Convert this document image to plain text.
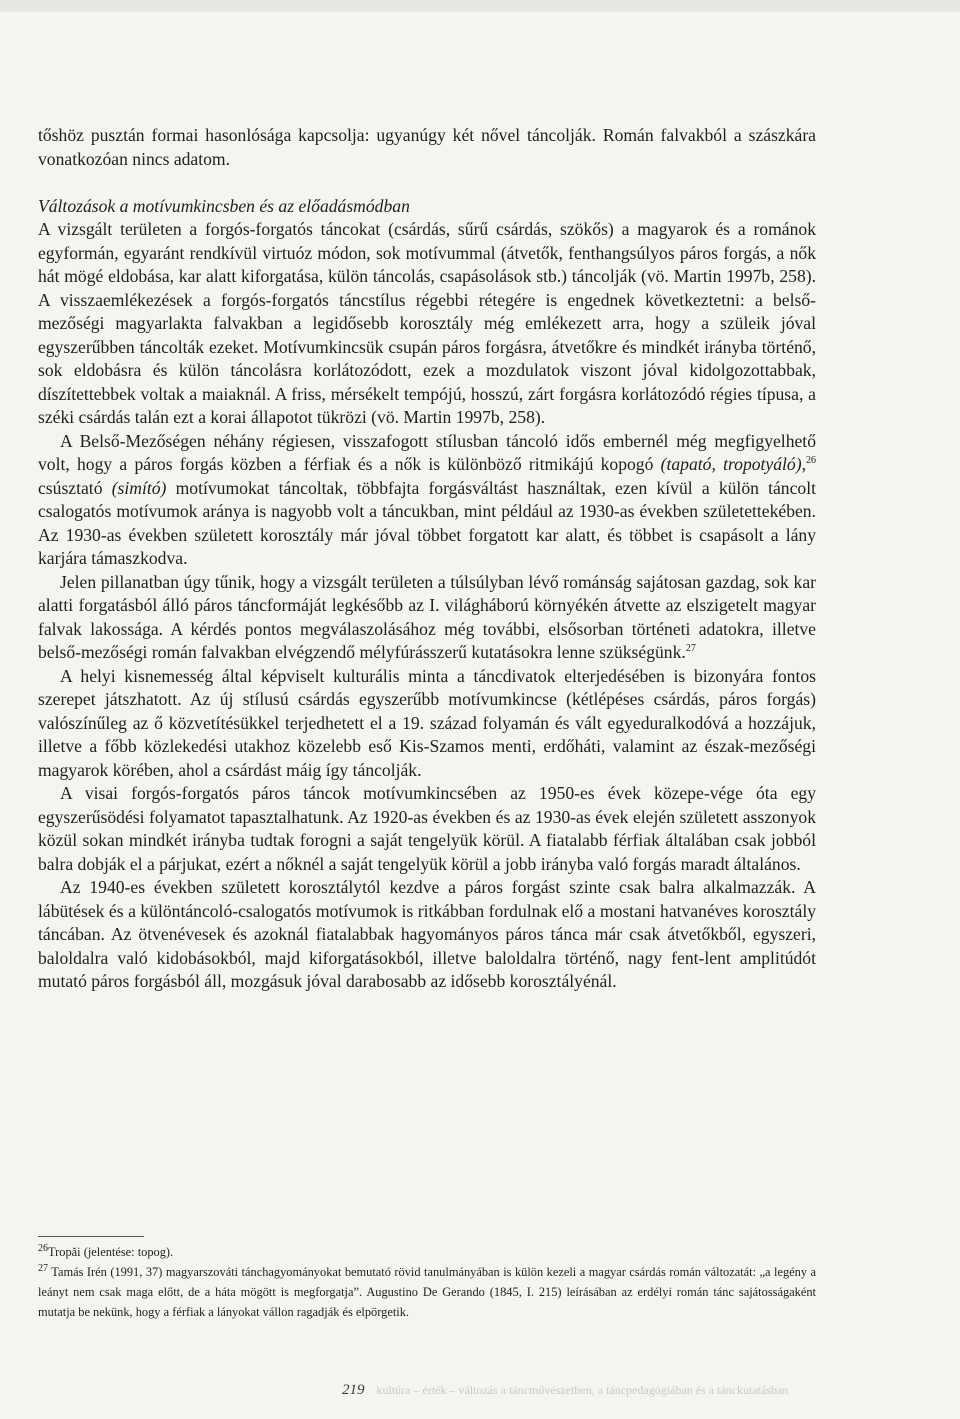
tőshöz pusztán formai hasonlósága kapcsolja: ugyanúgy két nővel táncolják. Román falvakból a szászkára vonatkozóan nincs adatom.

Változások a motívumkincsben és az előadásmódban

A vizsgált területen a forgós-forgatós táncokat (csárdás, sűrű csárdás, szökős) a magyarok és a románok egyformán, egyaránt rendkívül virtuóz módon, sok motívummal (átvetők, fenthangsúlyos páros forgás, a nők hát mögé eldobása, kar alatt kiforgatása, külön táncolás, csapásolások stb.) táncolják (vö. Martin 1997b, 258). A visszaemlékezések a forgós-forgatós táncstílus régebbi rétegére is engednek következtetni: a belső-mezőségi magyarlakta falvakban a legidősebb korosztály még emlékezett arra, hogy a szüleik jóval egyszerűbben táncolták ezeket. Motívumkincsük csupán páros forgásra, átvetőkre és mindkét irányba történő, sok eldobásra és külön táncolásra korlátozódott, ezek a mozdulatok viszont jóval kidolgozottabbak, díszítettebbek voltak a maiaknál. A friss, mérsékelt tempójú, hosszú, zárt forgásra korlátozódó régies típusa, a széki csárdás talán ezt a korai állapotot tükrözi (vö. Martin 1997b, 258).

A Belső-Mezőségen néhány régiesen, visszafogott stílusban táncoló idős embernél még megfigyelhető volt, hogy a páros forgás közben a férfiak és a nők is különböző ritmikájú kopogó (tapató, tropotyáló),$^{26}$ csúsztató (simító) motívumokat táncoltak, többfajta forgásváltást használtak, ezen kívül a külön táncolt csalogatós motívumok aránya is nagyobb volt a táncukban, mint például az 1930-as években születettekében. Az 1930-as években született korosztály már jóval többet forgatott kar alatt, és többet is csapásolt a lány karjára támaszkodva.

Jelen pillanatban úgy tűnik, hogy a vizsgált területen a túlsúlyban lévő románság sajátosan gazdag, sok kar alatti forgatásból álló páros táncformáját legkésőbb az I. világháború környékén átvette az elszigetelt magyar falvak lakossága. A kérdés pontos megválaszolásához még további, elsősorban történeti adatokra, illetve belső-mezőségi román falvakban elvégzendő mélyfúrásszerű kutatásokra lenne szükségünk.$^{27}$

A helyi kisnemesség által képviselt kulturális minta a táncdivatok elterjedésében is bizonyára fontos szerepet játszhatott. Az új stílusú csárdás egyszerűbb motívumkincse (kétlépéses csárdás, páros forgás) valószínűleg az ő közvetítésükkel terjedhetett el a 19. század folyamán és vált egyeduralkodóvá a hozzájuk, illetve a főbb közlekedési utakhoz közelebb eső Kis-Szamos menti, erdőháti, valamint az észak-mezőségi magyarok körében, ahol a csárdást máig így táncolják.

A visai forgós-forgatós páros táncok motívumkincsében az 1950-es évek közepe-vége óta egy egyszerűsödési folyamatot tapasztalhatunk. Az 1920-as években és az 1930-as évek elején született asszonyok közül sokan mindkét irányba tudtak forogni a saját tengelyük körül. A fiatalabb férfiak általában csak jobból balra dobják el a párjukat, ezért a nőknél a saját tengelyük körül a jobb irányba való forgás maradt általános.

Az 1940-es években született korosztálytól kezdve a páros forgást szinte csak balra alkalmazzák. A lábütések és a különtáncoló-csalogatós motívumok is ritkábban fordulnak elő a mostani hatvanéves korosztály táncában. Az ötvenévesek és azoknál fiatalabbak hagyományos páros tánca már csak átvetőkből, egyszeri, baloldalra való kidobásokból, majd kiforgatásokból, illetve baloldalra történő, nagy fent-lent amplitúdót mutató páros forgásból áll, mozgásuk jóval darabosabb az idősebb korosztályénál.

$^{26}$Tropăi (jelentése: topog).

$^{27}$ Tamás Irén (1991, 37) magyarszováti tánchagyományokat bemutató rövid tanulmányában is külön kezeli a magyar csárdás román változatát: „a legény a leányt nem csak maga előtt, de a háta mögött is megforgatja”. Augustino De Gerando (1845, I. 215) leírásában az erdélyi román tánc sajátosságaként mutatja be nekünk, hogy a férfiak a lányokat vállon ragadják és elpörgetik.

219 kultúra – érték – változás a táncművészetben, a táncpedagógiában és a tánckutatásban
